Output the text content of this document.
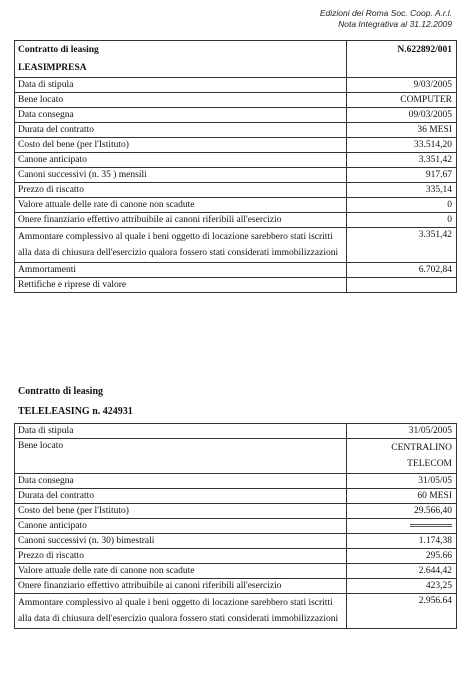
Edizioni dei Roma Soc. Coop. A.r.l.
Nota Integrativa al 31.12.2009
Contratto di leasing
LEASIMPRESA	N.622892/001
Data di stipula	9/03/2005
Bene locato	COMPUTER
Data consegna	09/03/2005
Durata del contratto	36 MESI
Costo del bene (per l'Istituto)	33.514,20
Canone anticipato	3.351,42
Canoni successivi (n. 35 ) mensili	917.67
Prezzo di riscatto	335,14
Valore attuale delle rate di canone non scadute	0
Onere finanziario effettivo attribuibile ai canoni riferibili all'esercizio	0
Ammontare complessivo al quale i beni oggetto di locazione sarebbero stati iscritti alla data di chiusura dell'esercizio qualora fossero stati considerati immobilizzazioni	3.351,42
Ammortamenti	6.702,84
Rettifiche e riprese di valore	
Contratto di leasing
TELELEASING n. 424931
Data di stipula	31/05/2005
Bene locato	CENTRALINO TELECOM
Data consegna	31/05/05
Durata del contratto	60 MESI
Costo del bene (per l'Istituto)	29.566,40
Canone anticipato	
Canoni successivi (n. 30) bimestrali	1.174,38
Prezzo di riscatto	295.66
Valore attuale delle rate di canone non scadute	2.644,42
Onere finanziario effettivo attribuibile ai canoni riferibili all'esercizio	423,25
Ammontare complessivo al quale i beni oggetto di locazione sarebbero stati iscritti alla data di chiusura dell'esercizio qualora fossero stati considerati immobilizzazioni	2.956.64
